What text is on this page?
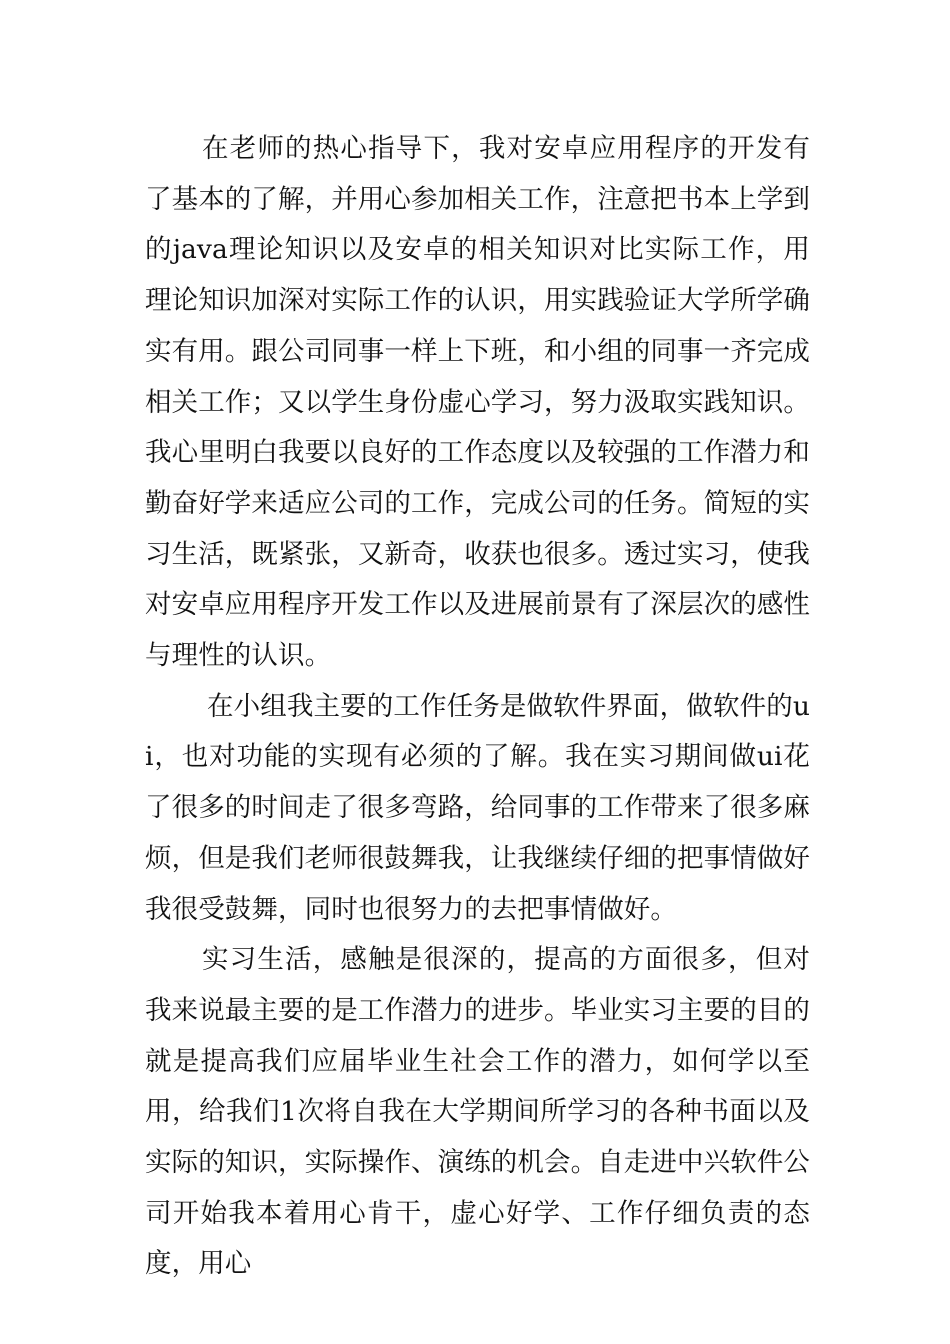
在老师的热心指导下，我对安卓应用程序的开发有了基本的了解，并用心参加相关工作，注意把书本上学到的java理论知识以及安卓的相关知识对比实际工作，用理论知识加深对实际工作的认识，用实践验证大学所学确实有用。跟公司同事一样上下班，和小组的同事一齐完成相关工作；又以学生身份虚心学习，努力汲取实践知识。我心里明白我要以良好的工作态度以及较强的工作潜力和勤奋好学来适应公司的工作，完成公司的任务。简短的实习生活，既紧张，又新奇，收获也很多。透过实习，使我对安卓应用程序开发工作以及进展前景有了深层次的感性与理性的认识。

在小组我主要的工作任务是做软件界面，做软件的ui，也对功能的实现有必须的了解。我在实习期间做ui花了很多的时间走了很多弯路，给同事的工作带来了很多麻烦，但是我们老师很鼓舞我，让我继续仔细的把事情做好我很受鼓舞，同时也很努力的去把事情做好。

实习生活，感触是很深的，提高的方面很多，但对我来说最主要的是工作潜力的进步。毕业实习主要的目的就是提高我们应届毕业生社会工作的潜力，如何学以至用，给我们1次将自我在大学期间所学习的各种书面以及实际的知识，实际操作、演练的机会。自走进中兴软件公司开始我本着用心肯干，虚心好学、工作仔细负责的态度，用心
